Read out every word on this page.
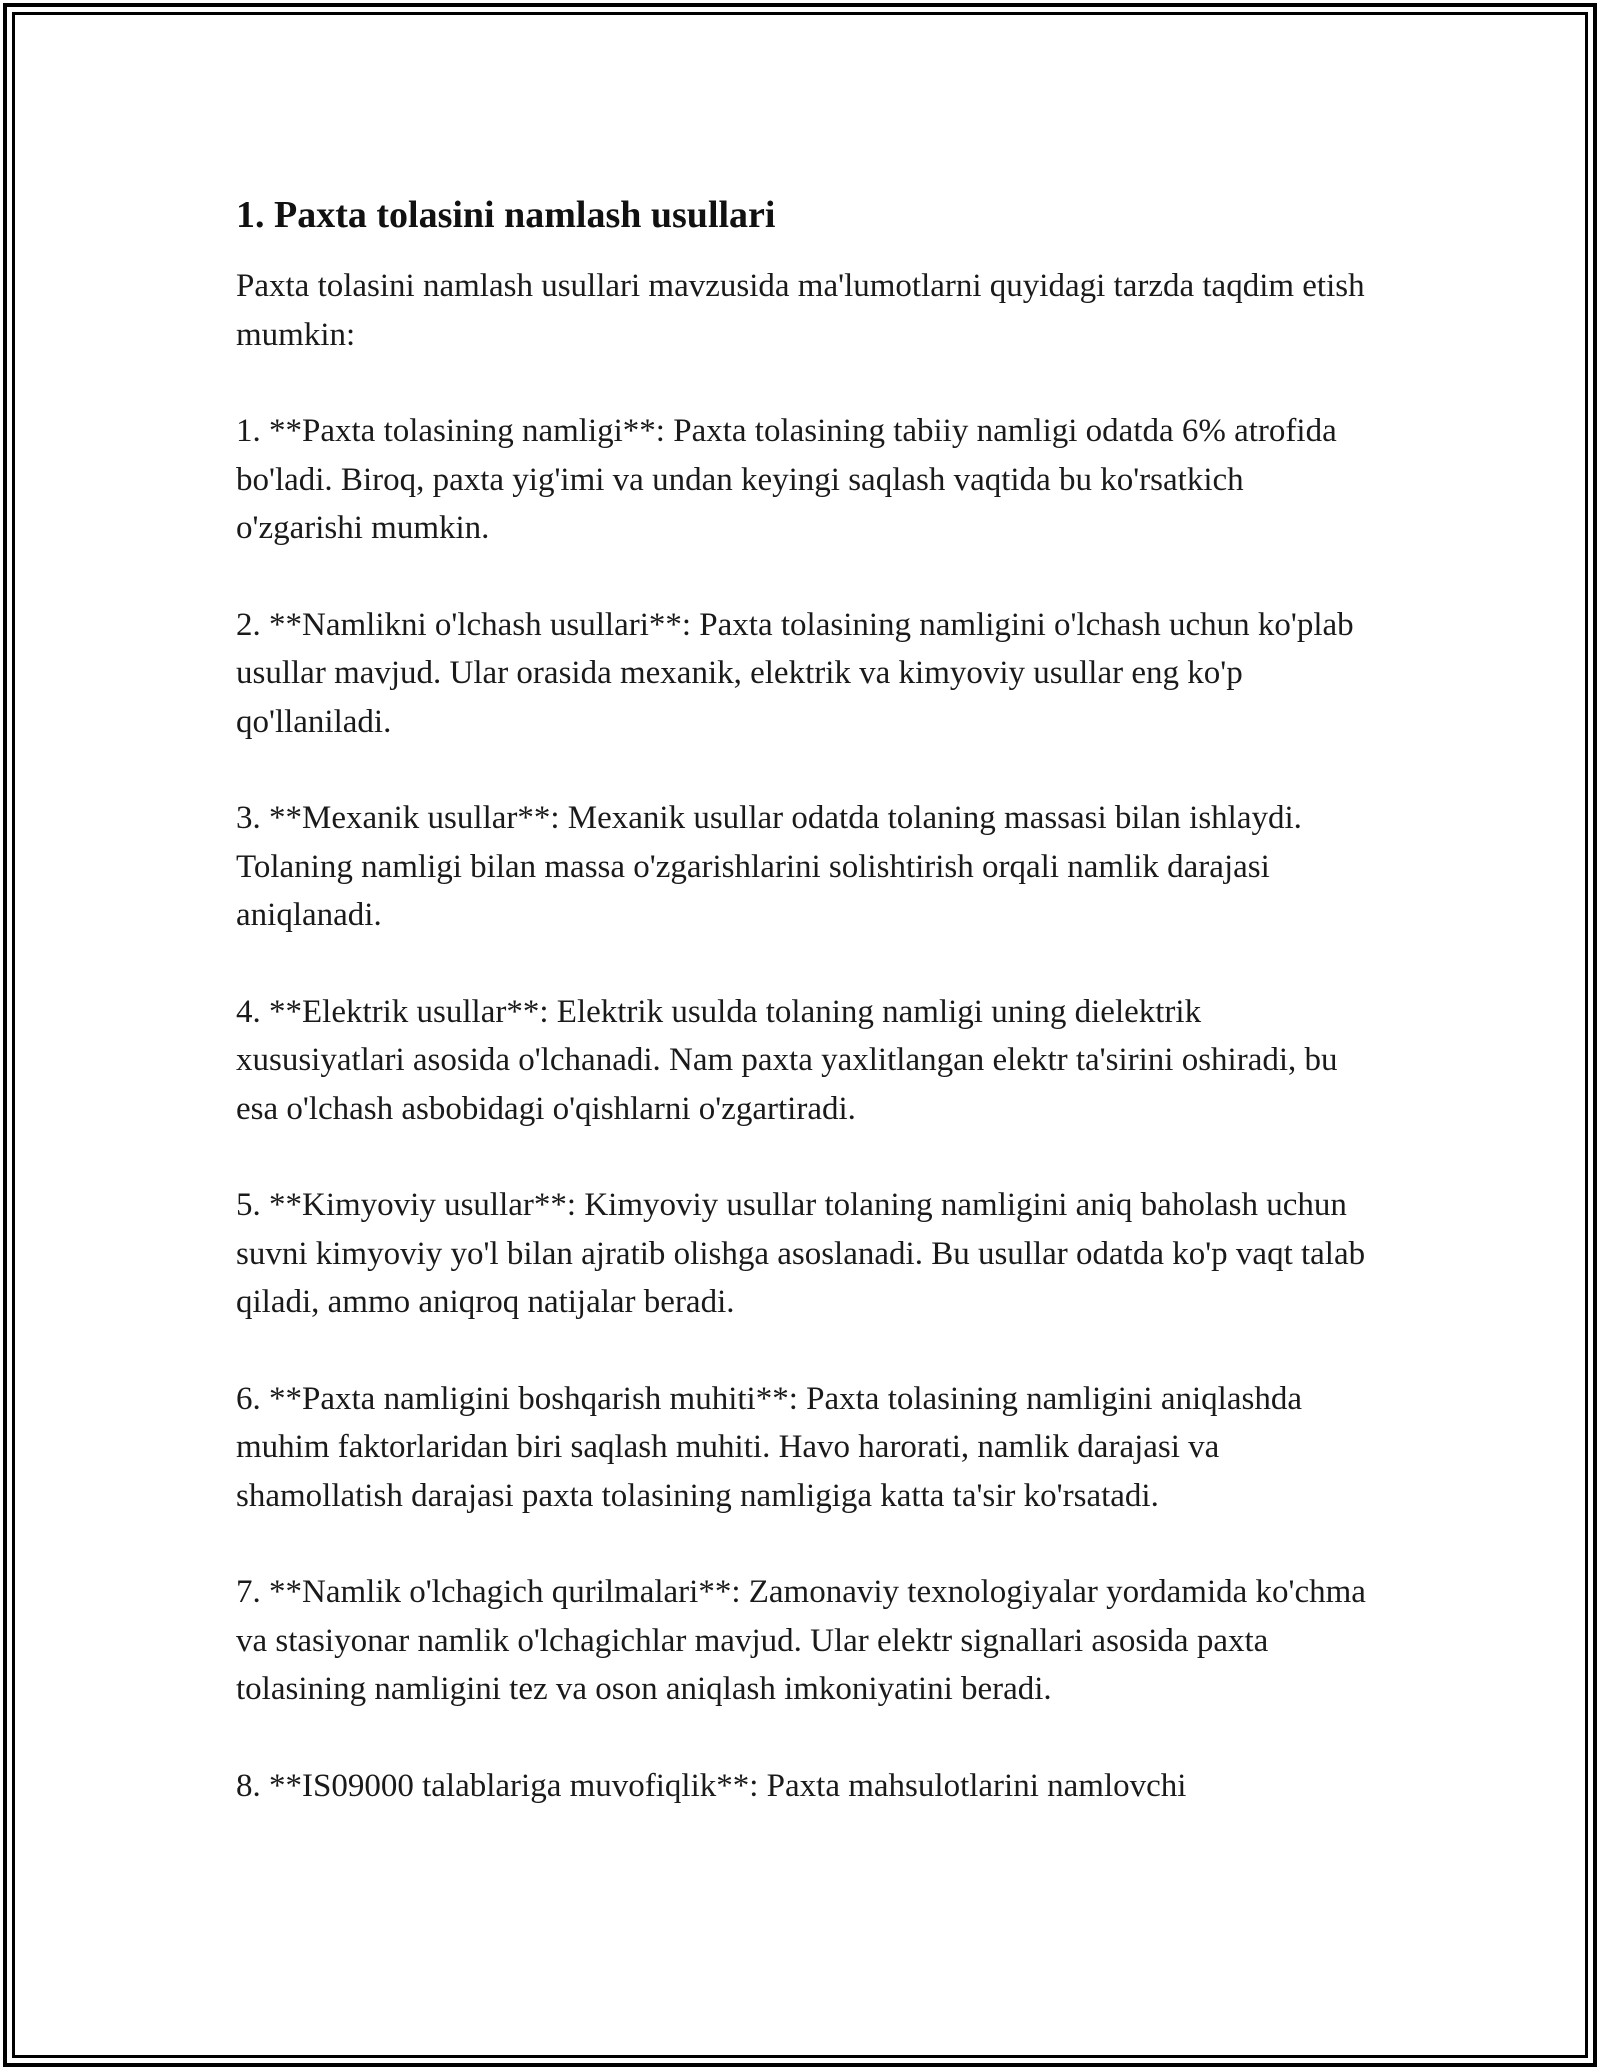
1. Paxta tolasini namlash usullari

Paxta tolasini namlash usullari mavzusida ma'lumotlarni quyidagi tarzda taqdim etish mumkin:

1. **Paxta tolasining namligi**: Paxta tolasining tabiiy namligi odatda 6% atrofida bo'ladi. Biroq, paxta yig'imi va undan keyingi saqlash vaqtida bu ko'rsatkich o'zgarishi mumkin.

2. **Namlikni o'lchash usullari**: Paxta tolasining namligini o'lchash uchun ko'plab usullar mavjud. Ular orasida mexanik, elektrik va kimyoviy usullar eng ko'p qo'llaniladi.

3. **Mexanik usullar**: Mexanik usullar odatda tolaning massasi bilan ishlaydi. Tolaning namligi bilan massa o'zgarishlarini solishtirish orqali namlik darajasi aniqlanadi.

4. **Elektrik usullar**: Elektrik usulda tolaning namligi uning dielektrik xususiyatlari asosida o'lchanadi. Nam paxta yaxlitlangan elektr ta'sirini oshiradi, bu esa o'lchash asbobidagi o'qishlarni o'zgartiradi.

5. **Kimyoviy usullar**: Kimyoviy usullar tolaning namligini aniq baholash uchun suvni kimyoviy yo'l bilan ajratib olishga asoslanadi. Bu usullar odatda ko'p vaqt talab qiladi, ammo aniqroq natijalar beradi.

6. **Paxta namligini boshqarish muhiti**: Paxta tolasining namligini aniqlashda muhim faktorlaridan biri saqlash muhiti. Havo harorati, namlik darajasi va shamollatish darajasi paxta tolasining namligiga katta ta'sir ko'rsatadi.

7. **Namlik o'lchagich qurilmalari**: Zamonaviy texnologiyalar yordamida ko'chma va stasiyonar namlik o'lchagichlar mavjud. Ular elektr signallari asosida paxta tolasining namligini tez va oson aniqlash imkoniyatini beradi.

8. **IS09000 talablariga muvofiqlik**: Paxta mahsulotlarini namlovchi
